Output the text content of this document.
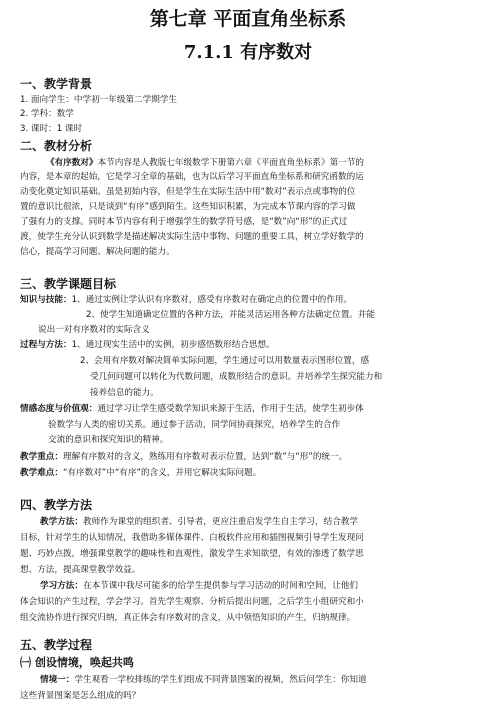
第七章 平面直角坐标系
7.1.1 有序数对
一、教学背景
1. 面向学生：中学初一年级第二学期学生
2. 学科：数学
3. 课时：1 课时
二、教材分析
《有序数对》本节内容是人教版七年级数学下册第六章《平面直角坐标系》第一节的
内容，是本章的起始，它是学习全章的基础，也为以后学习平面直角坐标系和研究函数的运
动变化奠定知识基础。虽是初始内容，但是学生在实际生活中用“数对”表示点或事物的位
置的意识比很浓，只是谈到“有序”感到陌生。这些知识积累，为完成本节课内容的学习做
了强有力的支撑。同时本节内容有利于增强学生的数学符号感，是“数”向“形”的正式过
渡，使学生充分认识到数学是描述解决实际生活中事物、问题的重要工具，树立学好数学的
信心，提高学习问题、解决问题的能力。
三、教学课题目标
知识与技能：1、通过实例让学认识有序数对，感受有序数对在确定点的位置中的作用。
2、使学生知道确定位置的各种方法，并能灵活运用各种方法确定位置。并能
说出一对有序数对的实际含义
过程与方法：1、通过现实生活中的实例，初步感悟数形结合思想。
2、会用有序数对解决简单实际问题，学生通过可以用数量表示图形位置，感
受几何问题可以转化为代数问题，成数形结合的意识。并培养学生探究能力和
接养信息的能力。
情感态度与价值观：通过学习让学生感受数学知识来源于生活，作用于生活，使学生初步体
验数学与人类的密切关系。通过参于活动，同学间协商探究，培养学生的合作
交流的意识和探究知识的精神。
教学重点：理解有序数对的含义，熟练用有序数对表示位置，达到“数”与“形”的统一。
教学难点：“有序数对”中“有序”的含义，并用它解决实际问题。
四、教学方法
教学方法：教师作为课堂的组织者、引导者，更应注重启发学生自主学习，结合教学
目标，针对学生的认知情况，我借助多媒体课件、白板软件应用和插图视频引导学生发现问
题、巧妙点拨，增强课堂教学的趣味性和直观性，激发学生求知欲望，有效的渗透了数学思
想、方法，提高课堂教学效益。
学习方法：在本节课中我尽可能多的给学生提供参与学习活动的时间和空间，让他们
体会知识的产生过程，学会学习。首先学生观察、分析后提出问题，之后学生小组研究和小
组交流协作进行探究归纳，真正体会有序数对的含义，从中领悟知识的产生，归纳规律。
五、教学过程
㈠ 创设情境，唤起共鸣
情境一：学生观看一学校排练的学生们组成不同背景图案的视频，然后问学生：你知道
这些背景图案是怎么组成的吗？
